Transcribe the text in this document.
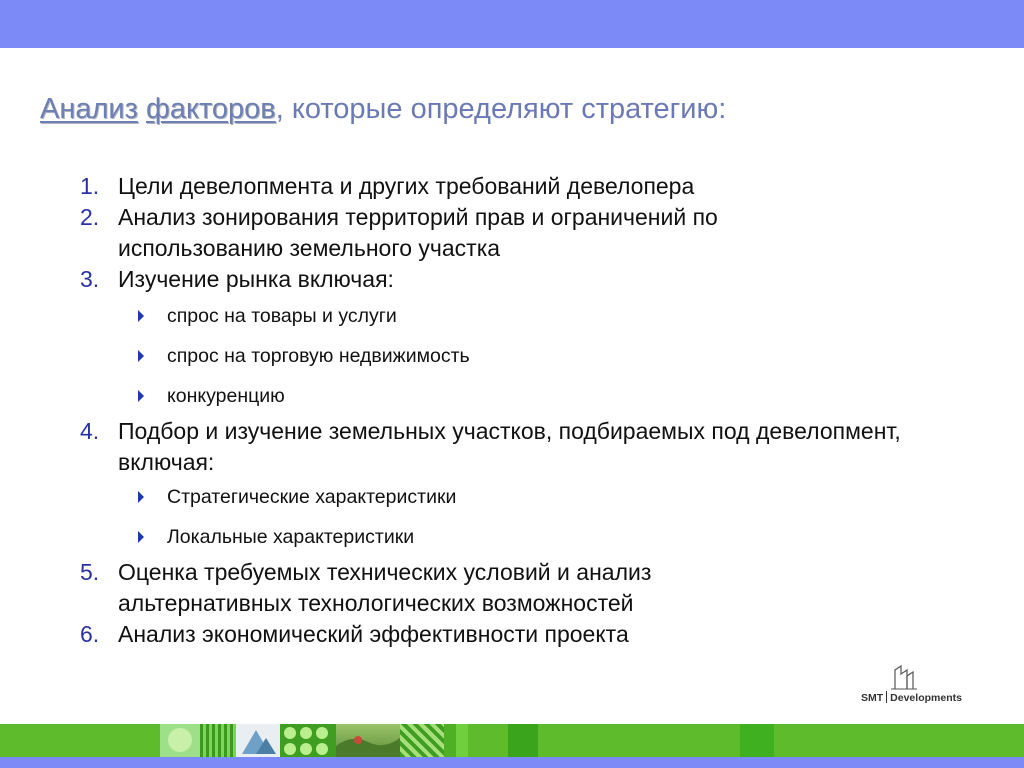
Анализ факторов, которые определяют стратегию:
1. Цели девелопмента и других требований девелопера
2. Анализ зонирования территорий прав и ограничений по использованию земельного участка
3. Изучение рынка включая:
спрос на товары и услуги
спрос на торговую недвижимость
конкуренцию
4. Подбор и изучение земельных участков, подбираемых под девелопмент, включая:
Стратегические характеристики
Локальные характеристики
5. Оценка требуемых технических условий и анализ альтернативных технологических возможностей
6. Анализ экономический эффективности проекта
SMT Developments
